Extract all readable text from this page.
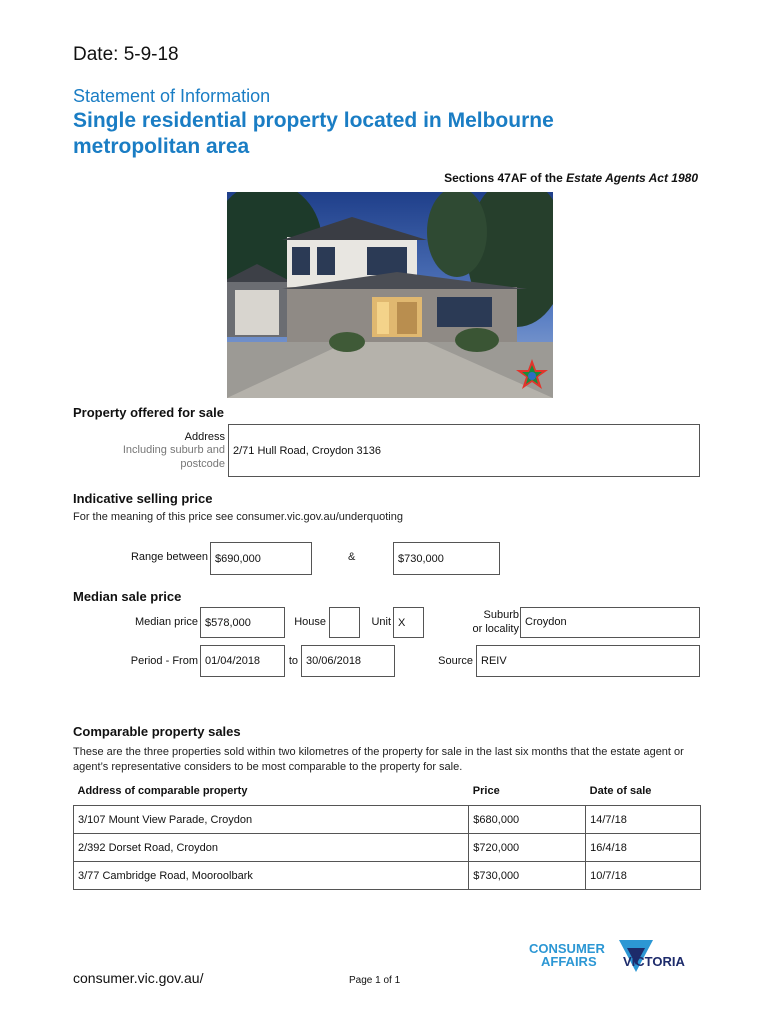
Date: 5-9-18
Statement of Information
Single residential property located in Melbourne metropolitan area
Sections 47AF of the Estate Agents Act 1980
Property offered for sale
Address
Including suburb and
postcode
2/71 Hull Road, Croydon 3136
Indicative selling price
For the meaning of this price see consumer.vic.gov.au/underquoting
Range between $690,000	&	$730,000
Median sale price
Median price $578,000	House	Unit X
Suburb
or locality
Croydon
Period - From 01/04/2018	to 30/06/2018	Source REIV
Comparable property sales
These are the three properties sold within two kilometres of the property for sale in the last six months that the estate agent or agent’s representative considers to be most comparable to the property for sale.
Address of comparable property	Price	Date of sale
3/107 Mount View Parade, Croydon	$680,000	14/7/18
2/392 Dorset Road, Croydon	$720,000	16/4/18
3/77 Cambridge Road, Mooroolbark	$730,000	10/7/18
consumer.vic.gov.au/	Page 1 of 1
CONSUMER
AFFAIRS VICTORIA
